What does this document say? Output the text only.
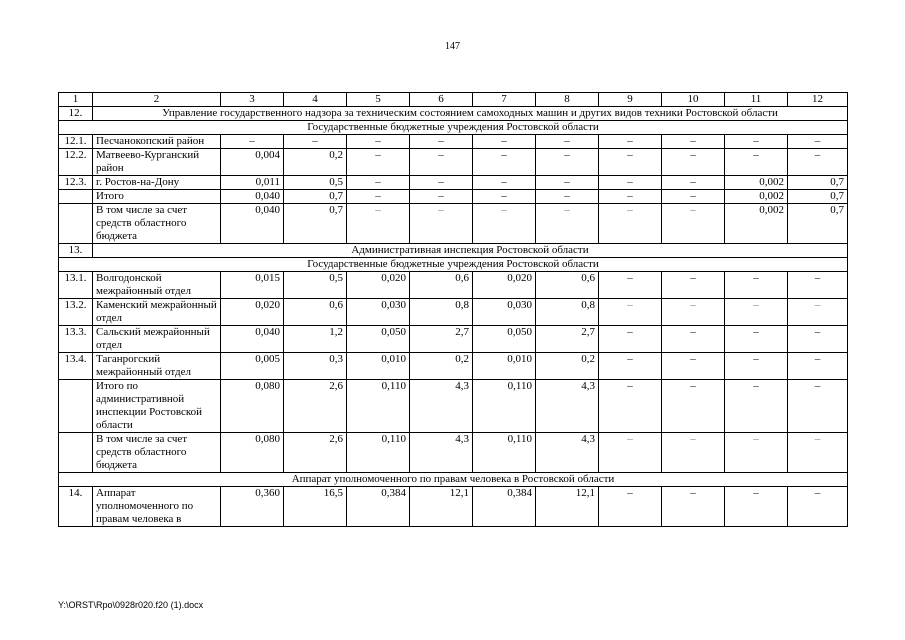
147
1	2	3	4	5	6	7	8	9	10	11	12
12.	Управление государственного надзора за техническим состоянием самоходных машин и других видов техники Ростовской области										
Государственные бюджетные учреждения Ростовской области											
12.1.	Песчанокопский район	–	–	–	–	–	–	–	–	–	–
12.2.	Матвеево-Курганский район	0,004	0,2	–	–	–	–	–	–	–	–
12.3.	г. Ростов-на-Дону	0,011	0,5	–	–	–	–	–	–	0,002	0,7
	Итого	0,040	0,7	–	–	–	–	–	–	0,002	0,7
	В том числе за счет средств областного бюджета	0,040	0,7	–	–	–	–	–	–	0,002	0,7
13.	Административная инспекция Ростовской области										
Государственные бюджетные учреждения Ростовской области											
13.1.	Волгодонской межрайонный отдел	0,015	0,5	0,020	0,6	0,020	0,6	–	–	–	–
13.2.	Каменский межрайонный отдел	0,020	0,6	0,030	0,8	0,030	0,8	–	–	–	–
13.3.	Сальский межрайонный отдел	0,040	1,2	0,050	2,7	0,050	2,7	–	–	–	–
13.4.	Таганрогский межрайонный отдел	0,005	0,3	0,010	0,2	0,010	0,2	–	–	–	–
	Итого по административной инспекции Ростовской области	0,080	2,6	0,110	4,3	0,110	4,3	–	–	–	–
	В том числе за счет средств областного бюджета	0,080	2,6	0,110	4,3	0,110	4,3	–	–	–	–
Аппарат уполномоченного по правам человека в Ростовской области											
14.	Аппарат уполномоченного по правам человека в	0,360	16,5	0,384	12,1	0,384	12,1	–	–	–	–
Y:\ORST\Rpo\0928r020.f20 (1).docx
